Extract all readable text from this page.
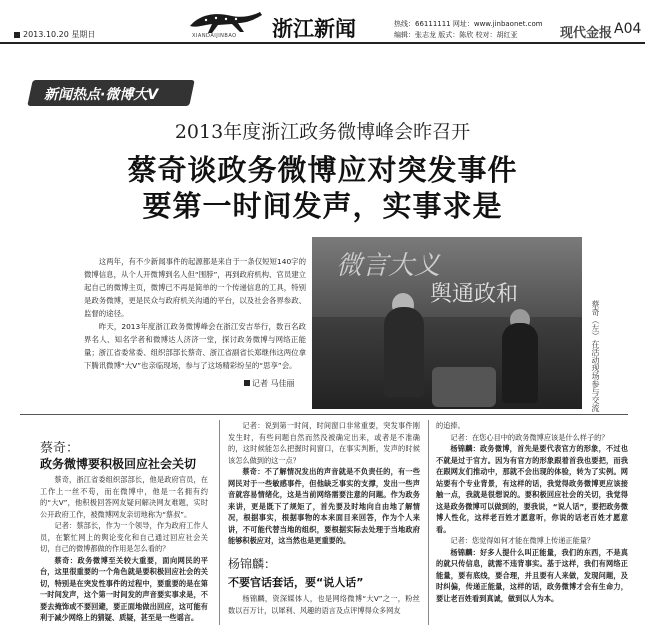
2013.10.20 星期日	XIANDAIJINBAO 浙江新闻	热线：66111111 网址：www.jinbaonet.com
编辑：张志龙 版式：陈欣 校对：胡红亚	现代金报 A04
新闻热点·微博大V
2013年度浙江政务微博峰会昨召开
蔡奇谈政务微博应对突发事件
要第一时间发声，实事求是
微言大义
舆通政和
蔡奇（左）在活动现场参与交流
这两年，有不少新闻事件的起源都是来自于一条仅短短140字的微博信息，从个人开微博到名人但“围脖”，再到政府机构、官员建立起自己的微博主页，微博已不再是简单的一个传递信息的工具，特别是政务微博，更是民众与政府机关沟通的平台，以及社会各界参政、监督的途径。
昨天，2013年度浙江政务微博峰会在浙江安吉举行，数百名政界名人、知名学者和微博达人济济一堂，探讨政务微博与网络正能量；浙江省委常委、组织部部长蔡奇、浙江省副省长郑继伟这两位拿下腾讯微博“大V”也亲临现场，参与了这场精彩纷呈的“思享”会。
记者 马佳丽
蔡奇：
政务微博要积极回应社会关切

蔡奇，浙江省委组织部部长，他是政府官员，在工作上一丝不苟，而在微博中，他是一名拥有约的“大V”，他积极回答网友疑问解决网友难题，实时公开政府工作，被微博网友亲切地称为“蔡叔”。

记者：蔡部长，作为一个领导，作为政府工作人员，在繁忙网上的舆论变化和自己通过回应社会关切，自己的微博都做的作用是怎么看的？

蔡奇：政务微博至关较大重要，面向网民的平台，这里很重要的一个角色就是要积极回应社会的关切，特别是在突发性事件的过程中，要重要的是在第一时间发声，这个第一时间发的声音要实事求是，不要去掩饰或不要回避，要正面地做出回应，这可能有利于减少网络上的猜疑、质疑，甚至是一些谣言。

记者：说到第一时间，时间窗口非常重要，突发事件刚发生时，有些问题自然而然没被确定出来，或者是不准确的，这时候能怎么把握时间窗口，在事实判断，发声的时候该怎么做到的这一点？

蔡奇：不了解情况发出的声音就是不负责任的，有一些网民对于一些敏感事件，但他缺乏事实的支撑，发出一些声音就容易情绪化，这是当前网络需要注意的问题。作为政务来讲，更是既下了规矩了，首先要及时地向自由地了解情况，根据事实，根据事物的本来面目来回答，作为个人来讲，不可能代替当地的组织，要根据实际去处理于当地政府能够积极应对，这当然也是更重要的。

杨锦麟：
不要官话套话，要“说人话”

杨锦麟，资深媒体人，也是网络微博“大V”之一，粉丝数以百万计，以犀利、风趣的语言及点评博得众多网友

的追捧。

记者：在您心目中的政务微博应该是什么样子的？

杨锦麟：政务微博，首先是要代表官方的形象，不过也不就是过于官方。因为有官方的形象跟着首我也要把，而我在跟网友们推动中，那就不会出现的体验，转为了实例。网站要有个专业背景，有这样的话，我觉得政务微博更应该接触一点，我就是很想说的。要积极回应社会的关切，我觉得这是政务微博可以做到的，要我说，“说人话”，要把政务微博人性化，这样老百姓才愿意听，你说的话老百姓才愿意看。

记者：您觉得如何才能在微博上传递正能量？

杨锦麟：好多人提什么叫正能量，我们的东西，不是真的就只传信息，就需不违背事实。基于这样，我们有网络正能量，要有底线，要合理，并且要有人来做，发现问题，及时纠偏，传递正能量，这样的话，政务微博才会有生命力，要让老百姓看到真诚，做到以人为本。
